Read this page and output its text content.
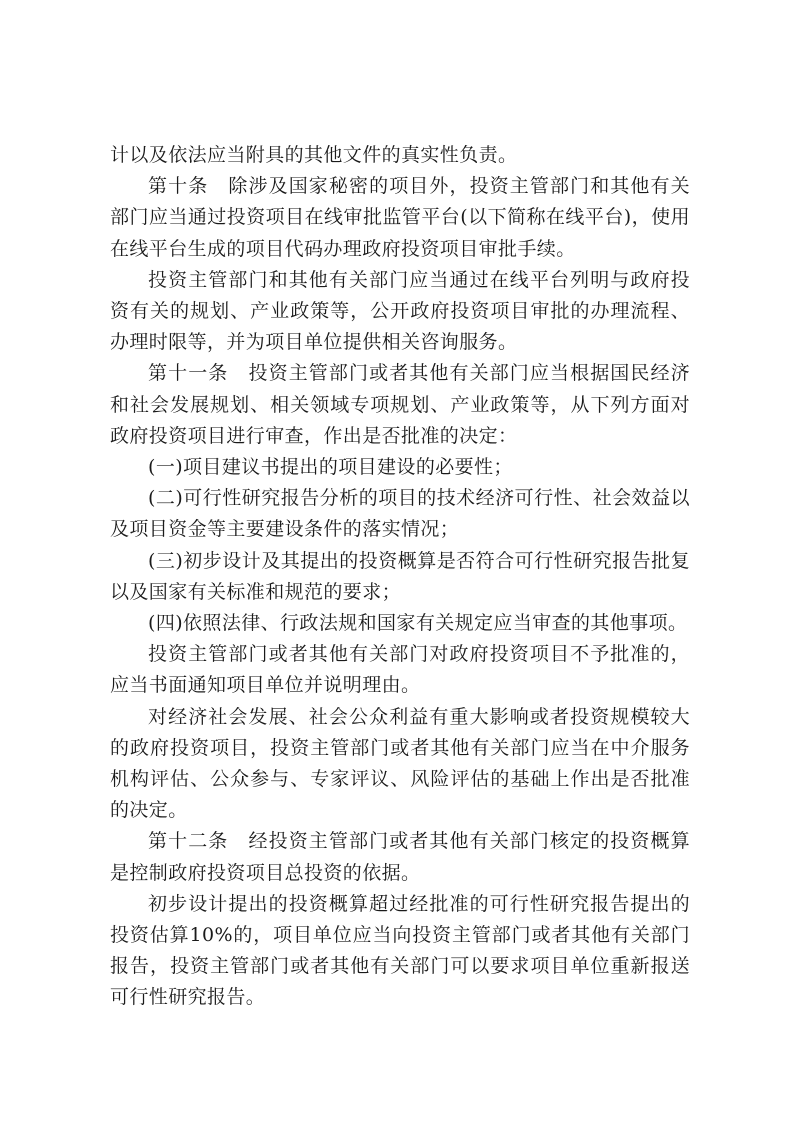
计以及依法应当附具的其他文件的真实性负责。

第十条　除涉及国家秘密的项目外，投资主管部门和其他有关部门应当通过投资项目在线审批监管平台(以下简称在线平台)，使用在线平台生成的项目代码办理政府投资项目审批手续。

投资主管部门和其他有关部门应当通过在线平台列明与政府投资有关的规划、产业政策等，公开政府投资项目审批的办理流程、办理时限等，并为项目单位提供相关咨询服务。

第十一条　投资主管部门或者其他有关部门应当根据国民经济和社会发展规划、相关领域专项规划、产业政策等，从下列方面对政府投资项目进行审查，作出是否批准的决定：

(一)项目建议书提出的项目建设的必要性；

(二)可行性研究报告分析的项目的技术经济可行性、社会效益以及项目资金等主要建设条件的落实情况；

(三)初步设计及其提出的投资概算是否符合可行性研究报告批复以及国家有关标准和规范的要求；

(四)依照法律、行政法规和国家有关规定应当审查的其他事项。

投资主管部门或者其他有关部门对政府投资项目不予批准的，应当书面通知项目单位并说明理由。

对经济社会发展、社会公众利益有重大影响或者投资规模较大的政府投资项目，投资主管部门或者其他有关部门应当在中介服务机构评估、公众参与、专家评议、风险评估的基础上作出是否批准的决定。

第十二条　经投资主管部门或者其他有关部门核定的投资概算是控制政府投资项目总投资的依据。

初步设计提出的投资概算超过经批准的可行性研究报告提出的投资估算10%的，项目单位应当向投资主管部门或者其他有关部门报告，投资主管部门或者其他有关部门可以要求项目单位重新报送可行性研究报告。
